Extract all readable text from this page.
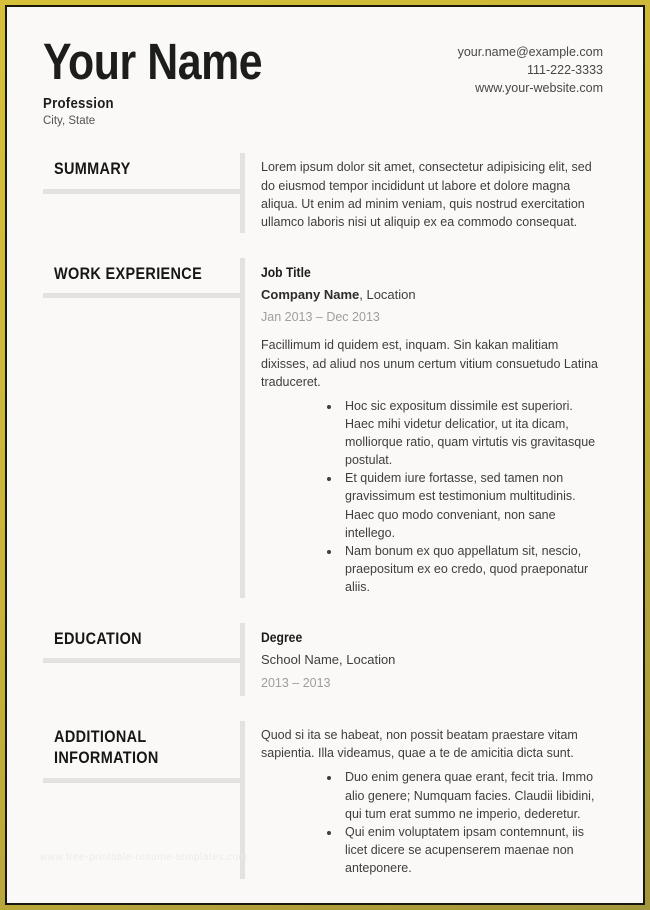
Your Name	your.name@example.com
111-222-3333
www.your-website.com
Profession
City, State
SUMMARY	Lorem ipsum dolor sit amet, consectetur adipisicing elit, sed do eiusmod tempor incididunt ut labore et dolore magna aliqua. Ut enim ad minim veniam, quis nostrud exercitation ullamco laboris nisi ut aliquip ex ea commodo consequat.
WORK EXPERIENCE	Job Title
Company Name, Location
Jan 2013 – Dec 2013
Facillimum id quidem est, inquam. Sin kakan malitiam dixisses, ad aliud nos unum certum vitium consuetudo Latina traduceret.
• Hoc sic expositum dissimile est superiori. Haec mihi videtur delicatior, ut ita dicam, molliorque ratio, quam virtutis vis gravitasque postulat.
• Et quidem iure fortasse, sed tamen non gravissimum est testimonium multitudinis. Haec quo modo conveniant, non sane intellego.
• Nam bonum ex quo appellatum sit, nescio, praepositum ex eo credo, quod praeponatur aliis.
EDUCATION	Degree
School Name, Location
2013 – 2013
ADDITIONAL INFORMATION
Quod si ita se habeat, non possit beatam praestare vitam sapientia. Illa videamus, quae a te de amicitia dicta sunt.
• Duo enim genera quae erant, fecit tria. Immo alio genere; Numquam facies. Claudii libidini, qui tum erat summo ne imperio, dederetur.
• Qui enim voluptatem ipsam contemnunt, iis licet dicere se acupenserem maenae non anteponere.
www.free-printable-resume-templates.com
